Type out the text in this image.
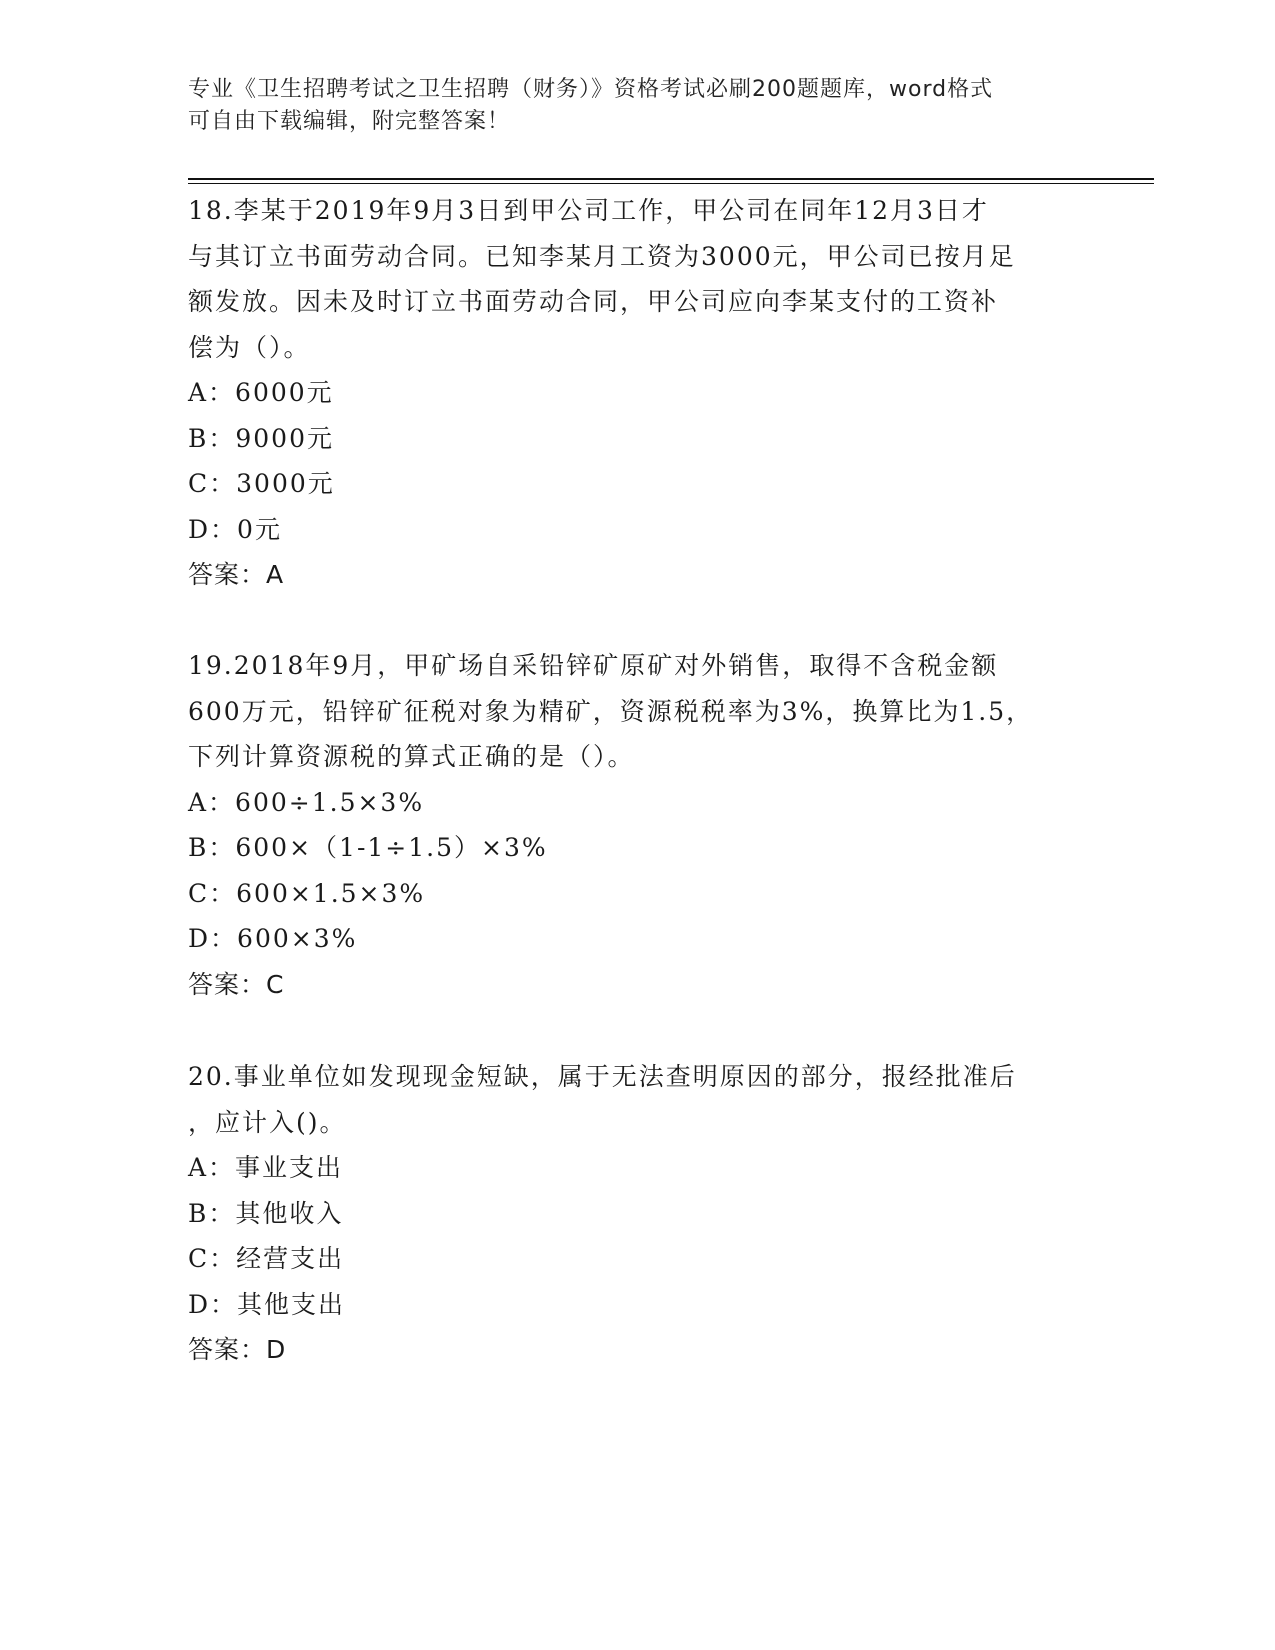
专业《卫生招聘考试之卫生招聘（财务）》资格考试必刷200题题库，word格式
可自由下载编辑，附完整答案！
18.李某于2019年9月3日到甲公司工作，甲公司在同年12月3日才
与其订立书面劳动合同。已知李某月工资为3000元，甲公司已按月足
额发放。因未及时订立书面劳动合同，甲公司应向李某支付的工资补
偿为（）。
A：6000元
B：9000元
C：3000元
D：0元
答案：A
19.2018年9月，甲矿场自采铅锌矿原矿对外销售，取得不含税金额
600万元，铅锌矿征税对象为精矿，资源税税率为3%，换算比为1.5，
下列计算资源税的算式正确的是（）。
A：600÷1.5×3%
B：600×（1-1÷1.5）×3%
C：600×1.5×3%
D：600×3%
答案：C
20.事业单位如发现现金短缺，属于无法查明原因的部分，报经批准后
，应计入()。
A：事业支出
B：其他收入
C：经营支出
D：其他支出
答案：D
